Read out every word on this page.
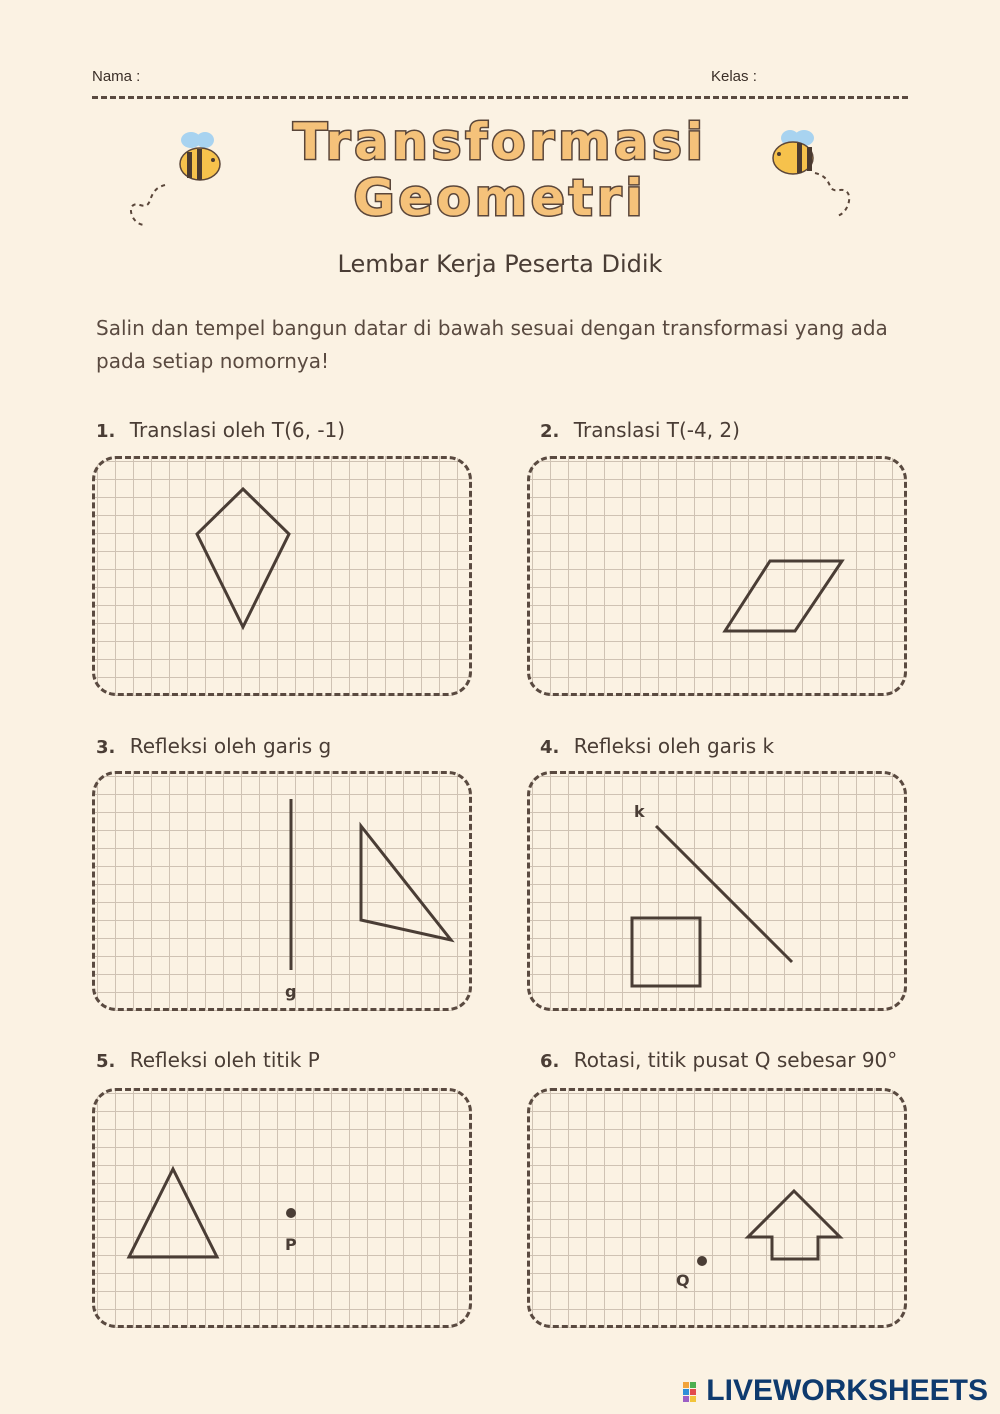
Nama :	Kelas :
Transformasi
Geometri
Lembar Kerja Peserta Didik
Salin dan tempel bangun datar di bawah sesuai dengan transformasi yang ada pada setiap nomornya!
1. Translasi oleh T(6, -1)	2. Translasi T(-4, 2)
3. Refleksi oleh garis g
g
4. Refleksi oleh garis k
k
5. Refleksi oleh titik P
P
6. Rotasi, titik pusat Q sebesar 90°
Q
LIVEWORKSHEETS
